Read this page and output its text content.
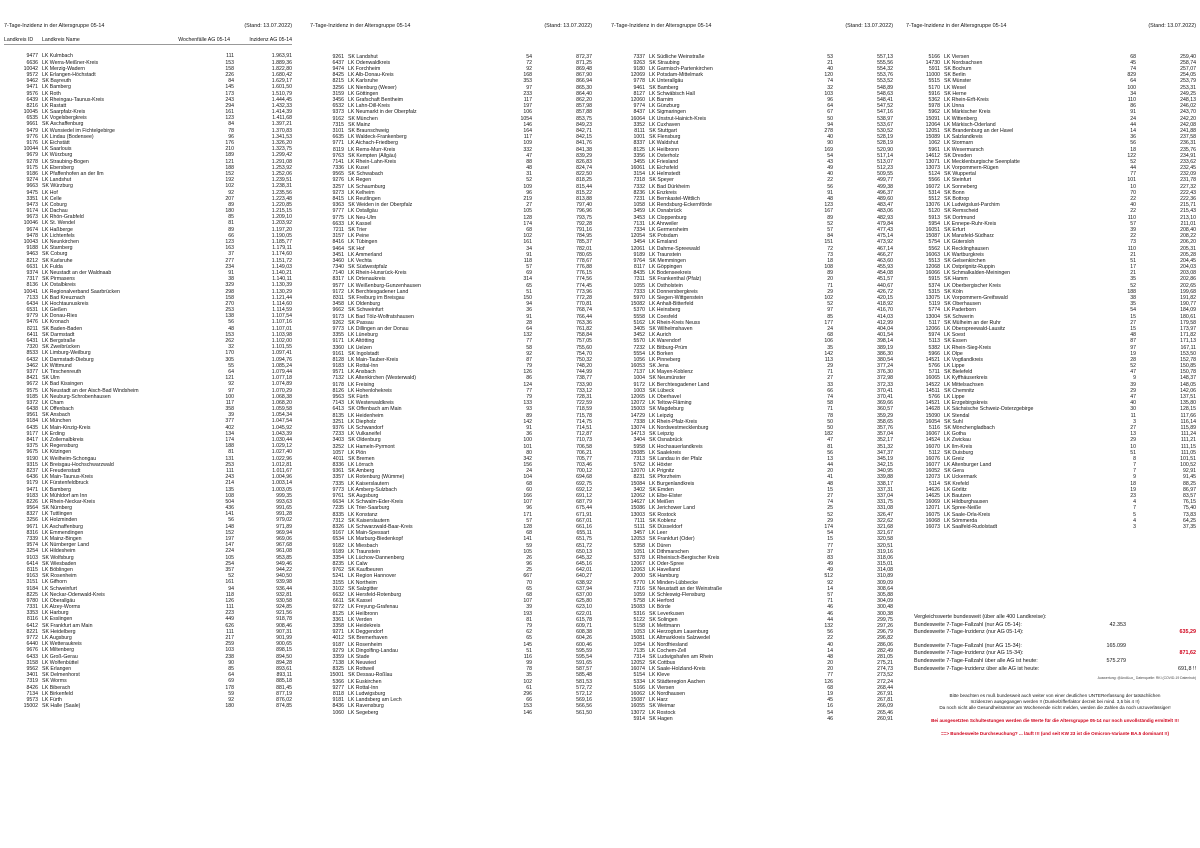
7-Tage-Inzidenz in der Altersgruppe 05-14	(Stand: 13.07.2022)
Landkreis ID	Landkreis Name	Wochenfälle AG 05-14	Inzidenz AG 05-14
9477 LK Kulmbach	111	1.963,91
6636 LK Werra-Meißner-Kreis	153	1.889,36
10042 LK Merzig-Wadern	158	1.822,80
9572 LK Erlangen-Höchstadt	226	1.680,42
9462 SK Bayreuth	84	1.629,17
9471 LK Bamberg	145	1.601,50
9576 LK Roth	173	1.510,79
6439 LK Rheingau-Taunus-Kreis	243	1.444,45
8216 LK Rastatt	294	1.432,33
10045 LK Saarpfalz-Kreis	161	1.414,39
6535 LK Vogelsbergkreis	123	1.411,68
9661 SK Aschaffenburg	84	1.397,21
9479 LK Wunsiedel im Fichtelgebirge	78	1.370,83
9776 LK Lindau (Bodensee)	96	1.341,53
9176 LK Eichstätt	176	1.326,20
10044 LK Saarlouis	210	1.323,75
9679 LK Würzburg	189	1.299,42
9278 LK Straubing-Bogen	121	1.291,08
9175 LK Ebersberg	188	1.253,92
9186 LK Pfaffenhofen an der Ilm	152	1.252,06
9274 LK Landshut	192	1.239,51
9663 SK Würzburg	102	1.238,31
9475 LK Hof	92	1.235,56
3351 LK Celle	207	1.223,48
9473 LK Coburg	89	1.220,85
9174 LK Dachau	180	1.215,15
9673 LK Rhön-Grabfeld	85	1.209,10
10046 LK St. Wendel	81	1.203,92
9674 LK Haßberge	89	1.197,20
9478 LK Lichtenfels	66	1.190,05
10043 LK Neunkirchen	123	1.185,77
9188 LK Starnberg	163	1.179,11
9463 SK Coburg	37	1.174,60
8212 SK Karlsruhe	277	1.151,72
6631 LK Fulda	234	1.149,03
9374 LK Neustadt an der Waldnaab	91	1.140,21
7317 SK Pirmasens	38	1.140,11
8136 LK Ostalbkreis	329	1.130,39
10041 LK Regionalverband Saarbrücken	298	1.130,29
7133 LK Bad Kreuznach	158	1.121,44
6434 LK Hochtaunuskreis	270	1.114,60
6531 LK Gießen	253	1.114,59
9779 LK Donau-Ries	138	1.107,54
9476 LK Kronach	56	1.107,16
8211 SK Baden-Baden	48	1.107,01
6411 SK Darmstadt	153	1.103,98
6431 LK Bergstraße	262	1.102,00
7320 SK Zweibrücken	32	1.101,55
8533 LK Limburg-Weilburg	170	1.097,41
6432 LK Darmstadt-Dieburg	305	1.094,76
3462 LK Wittmund	55	1.085,24
9377 LK Tirschenreuth	64	1.079,44
8421 SK Ulm	121	1.077,18
9672 LK Bad Kissingen	92	1.074,89
9575 LK Neustadt an der Aisch-Bad Windsheim	97	1.070,29
9185 LK Neuburg-Schrobenhausen	100	1.068,38
9372 LK Cham	117	1.068,20
6438 LK Offenbach	358	1.059,58
9561 SK Ansbach	39	1.054,34
9184 LK München	377	1.047,54
6435 LK Main-Kinzig-Kreis	402	1.045,92
9177 LK Erding	134	1.043,39
8417 LK Zollernalbkreis	174	1.030,44
9375 LK Regensburg	188	1.029,12
9675 LK Kitzingen	81	1.027,40
9190 LK Weilheim-Schongau	131	1.022,96
9315 LK Breisgau-Hochschwarzwald	253	1.012,81
8237 LK Freudenstadt	111	1.011,67
6436 LK Main-Taunus-Kreis	243	1.004,96
9179 LK Fürstenfeldbruck	214	1.003,14
9471 LK Bamberg	135	1.003,05
9183 LK Mühldorf am Inn	108	999,35
8226 LK Rhein-Neckar-Kreis	504	993,63
9564 SK Nürnberg	436	991,65
8327 LK Tuttlingen	141	991,28
3256 LK Holzminden	56	979,02
9671 LK Aschaffenburg	148	971,89
8316 LK Emmendingen	152	969,94
7339 LK Mainz-Bingen	197	969,06
9574 LK Nürnberger Land	147	967,68
3254 LK Hildesheim	224	961,08
9103 SK Wolfsburg	105	953,85
6414 SK Wiesbaden	254	949,46
8115 LK Böblingen	357	944,22
9163 SK Rosenheim	52	940,50
3151 LK Gifhorn	161	939,98
9184 LK Schweinfurt	94	936,44
8225 LK Neckar-Odenwald-Kreis	118	932,81
9780 LK Oberallgäu	126	930,58
7331 LK Alzey-Worms	111	924,85
3353 LK Harburg	223	921,56
8116 LK Esslingen	449	918,78
6412 SK Frankfurt am Main	626	908,46
8221 SK Heidelberg	111	907,31
9772 LK Augsburg	217	901,99
6440 LK Wetteraukreis	259	900,65
9676 LK Miltenberg	103	898,15
6433 LK Groß-Gerau	238	894,50
3158 LK Wolfenbüttel	90	894,28
9562 SK Erlangen	85	893,61
3401 SK Delmenhorst	64	893,11
7319 SK Worms	69	885,18
8426 LK Biberach	178	881,45
7134 LK Birkenfeld	59	877,19
9573 LK Fürth	92	876,02
15002 SK Halle (Saale)	180	874,85
7-Tage-Inzidenz in der Altersgruppe 05-14	(Stand: 13.07.2022)
9261 SK Landshut	54	872,37
6437 LK Odenwaldkreis	72	871,25
9474 LK Forchheim	92	869,48
8425 LK Alb-Donau-Kreis	168	867,90
8215 LK Karlsruhe	353	866,94
3256 LK Nienburg (Weser)	97	865,30
3159 LK Göttingen	233	864,40
3456 LK Grafschaft Bentheim	117	862,20
6532 LK Lahn-Dill-Kreis	197	857,98
9373 LK Neumarkt in der Oberpfalz	106	857,88
9162 SK München	1054	853,75
7315 SK Mainz	146	849,23
3101 SK Braunschweig	164	842,71
6635 LK Waldeck-Frankenberg	117	842,15
9771 LK Aichach-Friedberg	109	841,76
8119 LK Rems-Murr-Kreis	332	841,38
9763 SK Kempten (Allgäu)	47	839,29
7141 LK Rhein-Lahn-Kreis	88	826,83
7336 LK Kusel	48	824,74
9565 SK Schwabach	31	822,50
9276 LK Regen	52	818,25
3257 LK Schaumburg	109	815,44
9273 LK Kelheim	96	815,22
8415 LK Reutlingen	219	813,88
9363 SK Weiden in der Oberpfalz	27	797,40
9777 LK Ostallgäu	105	796,96
9775 LK Neu-Ulm	128	793,75
6633 LK Kassel	174	792,28
7211 SK Trier	68	791,16
3157 LK Peine	102	784,95
8416 LK Tübingen	161	785,37
9464 SK Hof	34	782,01
3451 LK Ammerland	91	780,65
3460 LK Vechta	118	778,67
7340 SK Südwestpfalz	57	776,88
7140 LK Rhein-Hunsrück-Kreis	69	776,15
8317 LK Ortenaukreis	314	774,56
9577 LK Weißenburg-Gunzenhausen	65	774,45
9172 LK Berchtesgadener Land	51	773,96
8311 SK Freiburg im Breisgau	150	772,28
3458 LK Oldenburg	94	770,81
9662 SK Schweinfurt	36	768,74
9173 LK Bad Tölz-Wolfratshausen	91	766,44
9262 SK Passau	28	763,36
9773 LK Dillingen an der Donau	64	761,82
3355 LK Lüneburg	132	758,84
9171 LK Altötting	77	757,05
3360 LK Uelzen	58	755,60
9161 SK Ingolstadt	92	754,70
8128 LK Main-Tauber-Kreis	87	750,32
9183 LK Rottal-Inn	79	748,20
9571 LK Ansbach	126	744,99
7132 LK Altenkirchen (Westerwald)	86	738,77
9178 LK Freising	124	733,90
8126 LK Hohenlohekreis	77	733,12
9563 SK Fürth	79	728,31
7143 LK Westerwaldkreis	133	722,59
6413 SK Offenbach am Main	93	718,59
8135 LK Heidenheim	89	715,78
3251 LK Diepholz	142	714,75
9376 LK Schwandorf	91	714,51
7233 LK Vulkaneifel	36	712,87
3403 SK Oldenburg	100	710,73
3252 LK Hameln-Pyrmont	101	706,58
1057 LK Plön	80	706,21
4011 SK Bremen	342	705,77
8336 LK Lörrach	156	703,46
9361 SK Amberg	24	700,12
3357 LK Rotenburg (Wümme)	104	694,68
7335 LK Kaiserslautern	68	692,75
9773 LK Amberg-Sulzbach	60	692,12
9761 SK Augsburg	166	691,12
6634 LK Schwalm-Eder-Kreis	107	687,79
7235 LK Trier-Saarburg	96	675,44
8335 LK Konstanz	171	671,91
7312 SK Kaiserslautern	57	667,01
8326 LK Schwarzwald-Baar-Kreis	128	661,16
9167 LK Main-Spessart	68	655,11
6534 LK Marburg-Biedenkopf	141	651,75
9182 LK Miesbach	59	651,72
9189 LK Traunstein	105	650,13
3354 LK Lüchow-Dannenberg	26	645,32
8235 LK Calw	96	645,16
9762 SK Kaufbeuren	25	642,01
5241 LK Region Hannover	667	640,27
3155 LK Northeim	70	638,92
3102 SK Salzgitter	65	637,94
6632 LK Hersfeld-Rotenburg	68	637,00
6611 SK Kassel	107	625,80
9272 LK Freyung-Grafenau	39	623,10
8125 LK Heilbronn	193	622,01
3361 LK Verden	81	615,78
3358 LK Heidekreis	79	609,71
9271 LK Deggendorf	62	608,38
4012 SK Bremerhaven	65	604,26
9187 LK Rosenheim	145	600,46
9279 LK Dingolfing-Landau	51	595,59
3359 LK Stade	116	595,54
7138 LK Neuwied	99	591,65
8325 LK Rottweil	78	587,57
15001 SK Dessau-Roßlau	35	585,48
5366 LK Euskirchen	102	581,53
9277 LK Rottal-Inn	61	572,72
8118 LK Ludwigsburg	296	572,12
9181 LK Landsberg am Lech	66	569,16
8436 LK Ravensburg	153	566,56
1060 LK Segeberg	146	561,50
7-Tage-Inzidenz in der Altersgruppe 05-14	(Stand: 13.07.2022)
7337 LK Südliche Weinstraße	53	557,13
9263 SK Straubing	21	555,56
9180 LK Garmisch-Partenkirchen	40	554,32
12069 LK Potsdam-Mittelmark	120	553,76
9778 LK Unterallgäu	74	553,52
9461 SK Bamberg	32	548,89
8127 LK Schwäbisch Hall	103	548,63
12060 LK Barnim	96	548,41
9774 LK Günzburg	64	547,52
8437 LK Sigmaringen	67	547,16
16064 LK Unstrut-Hainich-Kreis	50	538,97
3352 LK Cuxhaven	94	533,67
8111 SK Stuttgart	278	530,52
1001 SK Flensburg	40	528,19
8337 LK Waldshut	90	528,19
8125 LK Heilbronn	169	520,90
3356 LK Osterholz	54	517,14
3455 LK Friesland	43	513,07
16061 LK Eichsfeld	49	512,23
3154 LK Helmstedt	40	509,55
7318 SK Speyer	22	499,77
7332 LK Bad Dürkheim	56	499,38
8236 LK Enzkreis	91	496,37
7231 LK Bernkastel-Wittlich	48	489,60
1058 LK Rendsburg-Eckernförde	123	483,47
3459 LK Osnabrück	167	483,06
3453 LK Cloppenburg	89	482,93
7131 LK Ahrweiler	52	479,84
7334 LK Germersheim	57	477,43
12054 SK Potsdam	84	475,14
3454 LK Emsland	151	473,92
12061 LK Dahme-Spreewald	72	467,14
9189 LK Traunstein	73	466,27
9764 SK Memmingen	18	463,60
8117 LK Göppingen	108	455,93
8435 LK Bodenseekreis	89	454,08
7311 SK Frankenthal (Pfalz)	20	451,57
1055 LK Ostholstein	71	440,67
7333 LK Donnersbergkreis	29	426,72
5970 LK Siegen-Wittgenstein	102	420,15
15082 LK Anhalt-Bitterfeld	52	418,92
5370 LK Heinsberg	97	416,70
5558 LK Coesfeld	85	414,03
5162 LK Rhein-Kreis Neuss	177	412,99
3405 SK Wilhelmshaven	24	404,04
3452 LK Aurich	68	401,54
5570 LK Warendorf	106	398,14
7232 LK Bitburg-Prüm	35	389,19
5554 LK Borken	142	386,30
1056 LK Pinneberg	113	380,54
16053 SK Jena	29	377,24
7137 LK Mayen-Koblenz	71	376,30
1004 SK Neumünster	27	372,98
9172 LK Berchtesgadener Land	33	372,33
1003 SK Lübeck	66	370,41
12065 LK Oberhavel	74	370,41
12072 LK Teltow-Fläming	58	369,66
15003 SK Magdeburg	71	360,57
14729 LK Leipzig	78	359,29
7338 LK Rhein-Pfalz-Kreis	50	358,65
13074 LK Nordwestmecklenburg	50	357,76
14713 SK Leipzig	182	357,04
3404 SK Osnabrück	47	352,17
5958 LK Hochsauerlandkreis	81	351,32
15085 LK Saalekreis	56	347,37
7313 SK Landau in der Pfalz	13	345,19
5762 LK Höxter	44	342,15
12070 LK Prignitz	20	340,95
8231 SK Pforzheim	41	339,88
15084 LK Burgenlandkreis	48	338,17
3402 SK Emden	15	337,31
12062 LK Elbe-Elster	27	337,04
14627 LK Meißen	74	331,75
15086 LK Jerichower Land	25	331,08
13003 SK Rostock	52	326,47
7111 SK Koblenz	29	322,62
5111 SK Düsseldorf	174	321,68
3457 LK Leer	54	321,67
12053 SK Frankfurt (Oder)	15	320,58
5358 LK Düren	77	320,51
1051 LK Dithmarschen	37	319,16
5378 LK Rheinisch-Bergischer Kreis	83	318,06
12067 LK Oder-Spree	49	315,01
12063 LK Havelland	49	314,08
2000 SK Hamburg	512	310,89
5770 LK Minden-Lübbecke	92	309,09
7316 SK Neustadt an der Weinstraße	14	308,64
1059 LK Schleswig-Flensburg	57	305,88
5758 LK Herford	71	304,09
15083 LK Börde	46	300,48
5316 SK Leverkusen	46	300,38
5122 SK Solingen	44	299,75
5158 LK Mettmann	132	297,26
1053 LK Herzogtum Lauenburg	56	296,79
15081 LK Altmarkkreis Salzwedel	22	296,82
1054 LK Nordfriesland	40	286,06
7135 LK Cochem-Zell	14	282,49
7314 SK Ludwigshafen am Rhein	48	281,05
12052 SK Cottbus	20	275,21
16074 LK Saale-Holzland-Kreis	20	274,73
5154 LK Kleve	77	273,52
5334 LK Städteregion Aachen	126	272,24
5166 LK Viersen	68	268,44
16062 LK Nordhausen	19	267,91
15087 LK Harz	45	267,81
16055 SK Weimar	16	266,09
13072 LK Rostock	54	265,46
5914 SK Hagen	46	260,91
7-Tage-Inzidenz in der Altersgruppe 05-14	(Stand: 13.07.2022)
5166 LK Viersen	68	259,40
14730 LK Nordsachsen	45	258,74
5911 SK Bochum	74	257,07
11000 SK Berlin	829	254,05
5515 SK Münster	64	253,79
5170 LK Wesel	100	253,31
5916 SK Herne	34	249,25
5362 LK Rhein-Erft-Kreis	110	248,13
5978 LK Unna	86	246,02
5962 LK Märkischer Kreis	91	243,70
15091 LK Wittenberg	24	242,20
12064 LK Märkisch-Oderland	44	242,08
12051 SK Brandenburg an der Havel	14	241,88
15089 LK Salzlandkreis	36	237,58
1062 LK Stormarn	56	236,31
5961 LK Wesermarsch	18	235,76
14612 SK Dresden	122	234,91
13071 LK Mecklenburgische Seenplatte	52	233,62
13073 LK Vorpommern-Rügen	44	232,45
5124 SK Wuppertal	77	232,09
5566 LK Steinfurt	101	231,78
16072 LK Sonneberg	10	227,32
5314 SK Bonn	70	222,43
5512 SK Bottrop	22	222,36
13076 LK Ludwigslust-Parchim	40	215,71
5120 SK Remscheid	22	215,43
5913 SK Dortmund	110	213,10
5954 LK Ennepe-Ruhr-Kreis	57	211,01
16051 SK Erfurt	39	208,40
15087 LK Mansfeld-Südharz	22	208,22
5754 LK Gütersloh	73	206,20
5562 LK Recklinghausen	110	205,31
16063 LK Wartburgkreis	21	205,28
5513 SK Gelsenkirchen	51	204,45
12068 LK Ostprignitz-Ruppin	17	204,03
16066 LK Schmalkalden-Meiningen	21	203,08
5915 SK Hamm	35	202,86
5374 LK Oberbergischer Kreis	52	202,65
5315 SK Köln	188	199,68
13075 LK Vorpommern-Greifswald	38	191,82
5119 SK Oberhausen	35	190,77
5774 LK Paderborn	54	184,09
13004 SK Schwerin	15	180,61
5117 SK Mülheim an der Ruhr	27	179,58
12066 LK Oberspreewald-Lausitz	15	173,97
5974 LK Soest	48	171,82
5113 SK Essen	87	171,13
5382 LK Rhein-Sieg-Kreis	97	167,11
5966 LK Olpe	19	153,50
14521 LK Vogtlandkreis	28	152,78
5766 LK Lippe	52	150,85
5711 SK Bielefeld	47	150,78
16065 LK Kyffhäuserkreis	9	148,37
14522 LK Mittelsachsen	39	148,05
14511 SK Chemnitz	29	142,06
5766 LK Lippe	47	137,51
14521 LK Erzgebirgskreis	40	135,80
14628 LK Sächsische Schweiz-Osterzgebirge	30	128,15
15090 LK Stendal	11	117,66
16054 SK Suhl	3	116,14
5116 SK Mönchengladbach	27	115,89
16067 LK Gotha	13	111,24
14524 LK Zwickau	29	111,21
16070 LK Ilm-Kreis	10	111,15
5112 SK Duisburg	51	111,05
16076 LK Greiz	8	101,51
16077 LK Altenburger Land	7	100,52
16052 SK Gera	7	92,91
12073 LK Uckermark	9	91,45
5114 SK Krefeld	18	88,25
14626 LK Görlitz	19	86,97
14625 LK Bautzen	23	83,57
16069 LK Hildburghausen	4	76,15
12071 LK Spree-Neiße	7	75,40
16075 LK Saale-Orla-Kreis	5	73,83
16068 LK Sömmerda	4	64,25
16073 LK Saalfeld-Rudolstadt	3	37,35
Vergleichswerte bundesweit (über alle 400 Landkreise):
Bundesweite 7-Tage-Fallzahl (nur AG 05-14):	42.353
Bundesweite 7-Tage-Inzidenz (nur AG 05-14):	635,29
Bundesweite 7-Tage-Fallzahl (nur AG 15-34):	165.099
Bundesweite 7-Tage-Inzidenz (nur AG 15-34):	871,62
Bundesweite 7-Tage-Fallzahl über alle AG ist heute:	575.279
Bundesweite 7-Tage-Inzidenz über alle AG ist heute:	691,8 !!
Auswertung: @AndiLux_ Datenquelle: RKI (COVID-19 Datenhub)
Bitte beachten es muß bundesweit auch weiter von einer deutlichen UNTERerfassung der tatsächlichen
Inzidenzen ausgegangen werden !! (Dunkelzifferfaktor derzeit bei mind. 3,5 bis 4 !!)
Da noch nicht alle Gesundheitsämter am Wochenende nicht melden, werden die Zahlen da noch unzuverlässiger!
Bei ausgesetzten Schultestungen werden die Werte für die Altersgruppe 05-14 nur noch unvollständig ermittelt !!!
==> Bundesweite Durchseuchung? ... läuft !!! (und seit KW 23 ist die Omicron-Variante BA.5 dominant !!)
